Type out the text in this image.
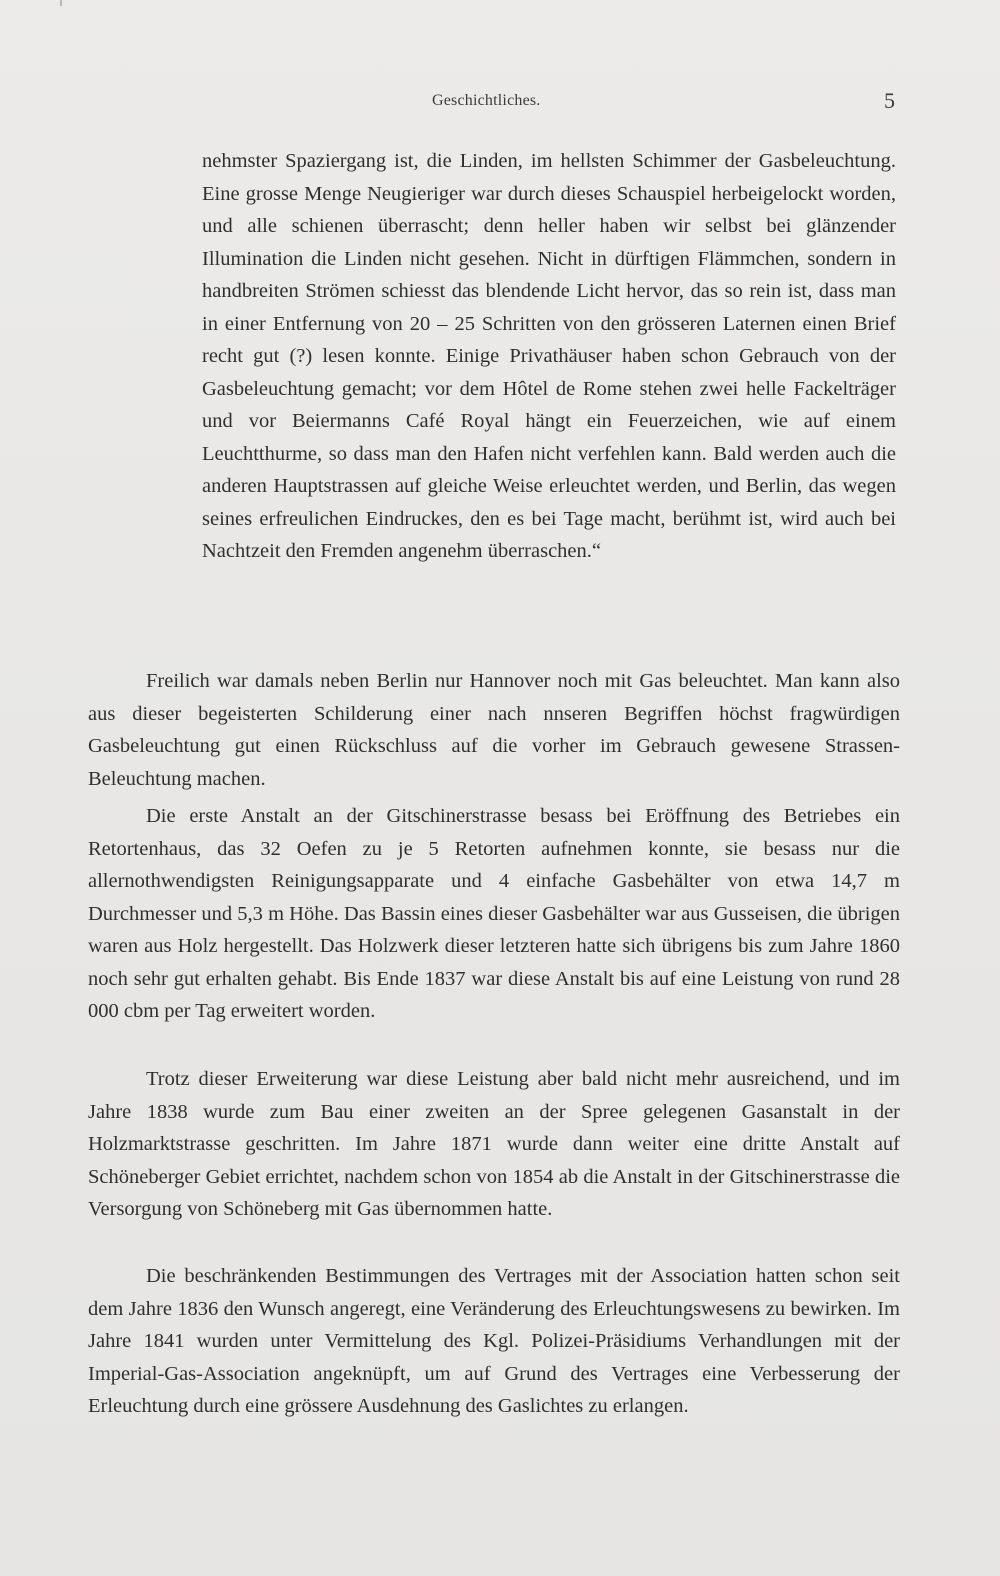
Geschichtliches.	5
nehmster Spaziergang ist, die Linden, im hellsten Schimmer der Gasbeleuchtung. Eine grosse Menge Neugieriger war durch dieses Schauspiel herbeigelockt worden, und alle schienen überrascht; denn heller haben wir selbst bei glänzender Illumination die Linden nicht gesehen. Nicht in dürftigen Flämmchen, sondern in handbreiten Strömen schiesst das blendende Licht hervor, das so rein ist, dass man in einer Entfernung von 20 – 25 Schritten von den grösseren Laternen einen Brief recht gut (?) lesen konnte. Einige Privathäuser haben schon Gebrauch von der Gasbeleuchtung gemacht; vor dem Hôtel de Rome stehen zwei helle Fackelträger und vor Beiermanns Café Royal hängt ein Feuerzeichen, wie auf einem Leuchtthurme, so dass man den Hafen nicht verfehlen kann. Bald werden auch die anderen Hauptstrassen auf gleiche Weise erleuchtet werden, und Berlin, das wegen seines erfreulichen Eindruckes, den es bei Tage macht, berühmt ist, wird auch bei Nachtzeit den Fremden angenehm überraschen.“

Freilich war damals neben Berlin nur Hannover noch mit Gas beleuchtet. Man kann also aus dieser begeisterten Schilderung einer nach nnseren Begriffen höchst fragwürdigen Gasbeleuchtung gut einen Rückschluss auf die vorher im Gebrauch gewesene Strassen-Beleuchtung machen.

Die erste Anstalt an der Gitschinerstrasse besass bei Eröffnung des Betriebes ein Retortenhaus, das 32 Oefen zu je 5 Retorten aufnehmen konnte, sie besass nur die allernothwendigsten Reinigungsapparate und 4 einfache Gasbehälter von etwa 14,7 m Durchmesser und 5,3 m Höhe. Das Bassin eines dieser Gasbehälter war aus Gusseisen, die übrigen waren aus Holz hergestellt. Das Holzwerk dieser letzteren hatte sich übrigens bis zum Jahre 1860 noch sehr gut erhalten gehabt. Bis Ende 1837 war diese Anstalt bis auf eine Leistung von rund 28 000 cbm per Tag erweitert worden.

Trotz dieser Erweiterung war diese Leistung aber bald nicht mehr ausreichend, und im Jahre 1838 wurde zum Bau einer zweiten an der Spree gelegenen Gasanstalt in der Holzmarktstrasse geschritten. Im Jahre 1871 wurde dann weiter eine dritte Anstalt auf Schöneberger Gebiet errichtet, nachdem schon von 1854 ab die Anstalt in der Gitschinerstrasse die Versorgung von Schöneberg mit Gas übernommen hatte.

Die beschränkenden Bestimmungen des Vertrages mit der Association hatten schon seit dem Jahre 1836 den Wunsch angeregt, eine Veränderung des Erleuchtungswesens zu bewirken. Im Jahre 1841 wurden unter Vermittelung des Kgl. Polizei-Präsidiums Verhandlungen mit der Imperial-Gas-Association angeknüpft, um auf Grund des Vertrages eine Verbesserung der Erleuchtung durch eine grössere Ausdehnung des Gaslichtes zu erlangen.
